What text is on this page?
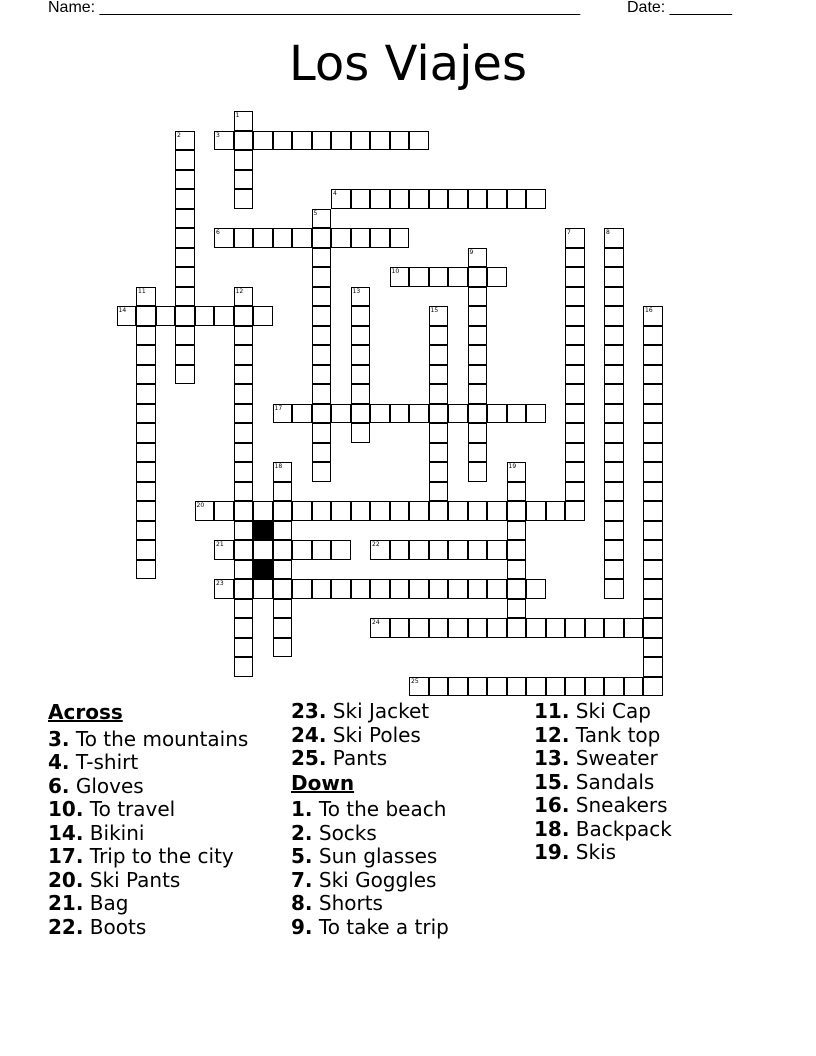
Name: ______________________________________________________	Date: _______
Los Viajes
1
2	3
4
5
6	7	8
9
10
11	12	13
14	15	16
17
18	19
20
21	22
23
24
25
Across
3. To the mountains
4. T-shirt
6. Gloves
10. To travel
14. Bikini
17. Trip to the city
20. Ski Pants
21. Bag
22. Boots
23. Ski Jacket
24. Ski Poles
25. Pants
Down
1. To the beach
2. Socks
5. Sun glasses
7. Ski Goggles
8. Shorts
9. To take a trip
11. Ski Cap
12. Tank top
13. Sweater
15. Sandals
16. Sneakers
18. Backpack
19. Skis
